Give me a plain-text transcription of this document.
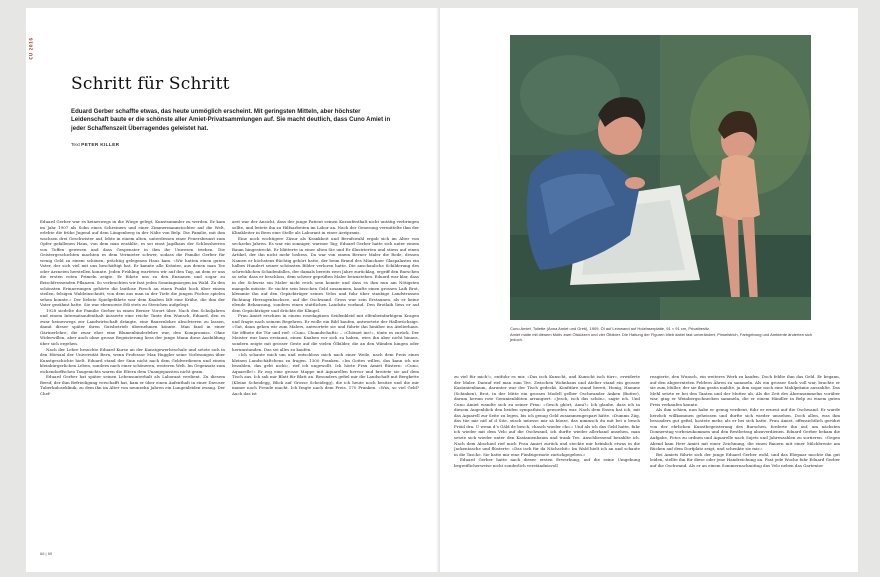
CU 2016
Schritt für Schritt

Eduard Gerber schaffte etwas, das heute unmöglich erscheint. Mit geringsten Mitteln, aber höchster Leidenschaft baute er die schönste aller Amiet-Privatsammlungen auf. Sie macht deutlich, dass Cuno Amiet in jeder Schaffenszeit Überragendes geleistet hat.

Text PETER KILLER

Eduard Gerber war es keineswegs in die Wiege gelegt, Kunstsammler zu werden. Er kam im Jahr 1907 als Sohn eines Schreiners und einer Zimmermannstochter auf die Welt, erlebte die frühe Jugend auf dem Längenberg in der Nähe von Belp. Die Familie, mit ihm wachsen drei Geschwister auf, lebte in einem alten, unterdessen einer Feuersbrunst zum Opfer gefallenen Haus, von dem man erzählte, es sei einst Jagdhaus der Schlossherren von Toffen gewesen und dass Gespenster in ihm ihr Unwesen trieben. Die Geistergeschichten machten es dem Vermieter schwer, sodass die Familie Gerber für wenig Geld zu einem schönen, prächtig gelegenen Haus kam. «Wir hatten einen guten Vater, der sich viel mit uns beschäftigt hat. Er kannte alle Kräuter, aus denen man Tee oder Arzneien herstellen konnte. Jeden Frühling warteten wir auf den Tag, an dem er uns die ersten roten Primeln zeigte. Er führte uns zu den Enzianen und sogar zu fleischfressenden Pflanzen. So verbrachten wir fast jeden Sonntagmorgen im Wald. Zu den schönsten Erinnerungen gehörte die lautlose Pirsch an einen Punkt hoch über einem steilen, felsigen Waldeinschnitt, von dem aus man in der Tiefe die jungen Füchse spielen sehen konnte.» Der liebste Spielgefährte war dem Knaben lält eine Krähe, die ihm der Vater gezähmt hatte. Sie war ebensowie Edi stets zu Streichen aufgelegt.

1928 siedelte die Familie Gerber in einen Berner Vorort über. Nach den Schuljahren und einem Internatsaufenthalt äusserte eine reiche Tante den Wunsch, Eduard, den es zwar keineswegs zur Landwirtschaft drängte, eine Bauernlehre absolvieren zu lassen, damit dieser später ihren Gutsbetrieb übernehmen könnte. Man fand in einer Gärtnerlehre, die zwar eher eine Blumenbinderlehre war, den Kompromiss. Ohne Widerwillen, aber auch ohne grosse Begeisterung liess der junge Mann diese Ausbildung über sich ergehen.

Nach der Lehre besuchte Eduard Kurse an der Kunstgewerbeschule und setzte sich in den Hörsaal der Universität Bern, wenn Professor Max Huggler seine Vorlesungen über Kunstgeschichte hielt. Eduard stand der Sinn nicht nach dem Geldverdienen und einem kleinbürgerlichen Leben, sondern nach einer schöneren, weiteren Welt. Im Gegensatz zum eichendorffschen Taugenichts waren die Eltern dem Unangepassten nicht gram.

Eduard Gerber hat später seinen Lebensunterhalt als Laborant verdient. Zu diesem Beruf, der ihm Befriedigung verschafft hat, kam er über einen Aufenthalt in einer Davoser Tuberkuloseklinik, zu dem ihn im Alter von neunzehn Jahren ein Lungenleiden zwang. Der Chef-

arzt war der Ansicht, dass der junge Patient seinen Kuraufenthalt nicht untätig verbringen sollte, und leitete ihn zu Hilfsarbeiten im Labor an. Nach der Genesung vermittelte ihm der Klinikleiter in Bern eine Stelle als Laborant in einer Arztpraxis.

Eine noch wichtigere Zäsur als Krankheit und Berufswahl ergab sich im Alter von sechzehn Jahren. Es war ein sonniger, warmer Tag; Eduard Gerber hatte sich unter einem Baum hingestreckt. Er blätterte in einer alten Sie und Er illustrierten und stiess auf einen Artikel, der ihn nicht mehr losliess. Da war von einem Berner Maler die Rede, dessen Namen er höchstens flüchtig gehört hatte, der beim Brand des Münchner Glaspalastes ein halbes Hundert seiner schönsten Bilder verloren hatte. Die anschauliche Schilderung des schrecklichen Schadenfalles, der damals bereits zwei Jahre zurücklag, ergriff den Burschen so sehr, dass er beschloss, dem schwer geprüften Maler beizustehen. Eduard war klar, dass in der Schweiz ein Maler nicht reich sein konnte und dass es ihm nun am Nötigsten mangeln müsste. Er suchte sein bisschen Geld zusammen, kaufte einen grossen Laib Brot, klemmte ihn auf den Gepäckträger seines Velos und fuhr über staubige Landstrassen Richtung Herzogenbuchsee, auf die Oschwand. Gross war sein Erstaunen, als er keine elende Behausung, sondern einen stattlichen Landsitz vorfand. Den Brotlaib liess er auf dem Gepäckträger und drückte die Klingel.

Frau Amiet erschien in einem rosedagünen Seidenkleid mit elfenbeinfarbigem Kragen und fragte nach seinem Begehren. Er wolle ein Bild kaufen, antwortete der Halbwüchsige. «Gut, dann gehen wir zum Malers, antwortete sie und führte ihn hinüber ins Atelierhaus. Sie öffnete die Tür und rief: «Cuno, Chumdschufti» – «Chömet ine!», tönte es zurück. Der Meister war bass erstaunt, einen Knaben vor sich zu haben, wies ihn aber nicht hinaus, sondern zeigte mit grosser Geste auf die vielen Ölbilder, die an den Wänden hingen oder herumstanden. Das sei alles zu kaufen.

«Ich schaute mich um und entschloss mich nach einer Weile, nach dem Preis eines kleinen Landschäftchens zu fragen. 1300 Franken. «Im Gottes willen, das kann ich nie bezahlen, das geht nicht», rief ich ungewollt. Ich hörte Frau Amiet flüstern: «Cuno, Aquarelle!» Er zog eine grosse Mappe mit Aquarellen hervor und breitete sie auf dem Tisch aus. Ich sah mir Blatt für Blatt an. Besonders gefiel mir die Landschaft mit Bergkette (Kleine Scheidegg, Blick auf Grosse Scheidegg), die ich heute noch besitze und die mir immer noch Freude macht. Ich fragte nach dem Preis. 170 Franken. «Was, so viel Geld? Auch das ist

66 | 69

Cuno Amiet, Toilette (Anna Amiet und Greti), 1909, Öl auf Leinwand auf Holzfaserplatte, 91 × 91 cm, Privatbesitz.
Amiet malte mit diesem Motiv zwei Ölskizzen und vier Ölbilder. Die Haltung der Figuren blieb dabei fast unverändert, Pinselstrich, Farbgebung und Ambiente änderten sich jedoch.

zu viel für mich!», entfuhr es mir. «Das isch Kunscht, und Kunscht isch türr», erwiderte der Maler. Darauf rief man zum Tee. Zwischen Wohnhaus und Atelier stand ein grosser Kastanienbaum, darunter war der Tisch gedeckt. Konfitüre stand bereit, Honig, Hamme (Schinken), Brot, in der Mitte ein grosses Modell gelber Oschwander Anken (Butter), darum herum rote Geranienblüten arrangiert. «Jesch, isch das schön», sagte ich. Und Cuno Amiet wandte sich zu seiner Frau: «Gesch ghört, Anni?» Ich glaube, dass ich in diesem Augenblick den beiden sympathisch geworden war. Nach dem Essen bat ich, mit das Aquarell zur Seite zu legen, bis ich genug Geld zusammengespart hätte. «Dumms Züg, das tüe mir nid af d Site, süsch müesse mir sä büeze, das nimmsch du mit bei u besch Fröid dra. U wenn d’s Gäld de besch, chasch wieder cho.» Und als ich das Geld hatte, fuhr ich wieder mit dem Velo auf die Oschwand, ich durfte wieder allerhand ansehen, man setzte sich wieder unter den Kastanienbaum und trank Tee. Anschliessend bezahlte ich. Nach dem Abschied rief mich Frau Amiet zurück und steckte mir heimlich etwas in die Jackentasche und flüsterte: «Das isch für da Nächschtt» Im Wald hielt ich an und schaute in die Tasche. Sie hatte mir eine Fünfzigernote zurückgegeben.»

Eduard Gerber hatte nach dieser ersten Erwerbung, auf die seine Umgebung begreiflicherweise nicht sonderlich verständnisvoll

reagierte, den Wunsch, ein weiteres Werk zu kaufen. Doch fehlte ihm das Geld. Er begann, auf den abgeernteten Feldern Ähren zu sammeln. Als ein grosser Sack voll war, brachte er sie zum Müller, der sie ihm gratis mahlte, ja ihm sogar noch eine Mahlprämie auszahlte. Das Mehl setzte er bei den Tanten und der Mutter ab. Als die Zeit des Ährensammelns vorüber war, ging er Weinbergschnecken sammeln, die er einem Händler in Belp zu einem guten Preis verkaufen konnte.

Als ihm schien, nun habe er genug verdient, fuhr er erneut auf die Oschwand. Er wurde herzlich willkommen geheissen und durfte sich wieder umsehen. Doch allen, was ihm besonders gut gefiel, kostete mehr, als er bei sich hatte. Frau Amiet, offensichtlich gerührt von der ehrlichen Kunstbegeisterung des Burschen, forderte ihn auf, am nächsten Donnerstag vorbeizukommen und den Restbetrag abzuverdienen. Eduard Gerber bekam die Aufgabe, Fotos zu ordnen und Aquarelle nach Sujets und Jahreszahlen zu sortieren. «Gegen Abend kam Herr Amiet mit einer Zeichnung, die einen Bauern mit einer Milchbrente am Rücken auf dem Dorfplatz zeigt, und schenkte sie mir.»

Bei Amiets führte sich der junge Eduard Gerber wohl, und das Ehepaar mochte ihn gut leiden, stellte ihn für diese oder jene Handreichung an. Fast jede Woche fuhr Eduard Gerber auf die Oschwand. Als er an einem Sommernachmittag das Velo neben das Gartentor
